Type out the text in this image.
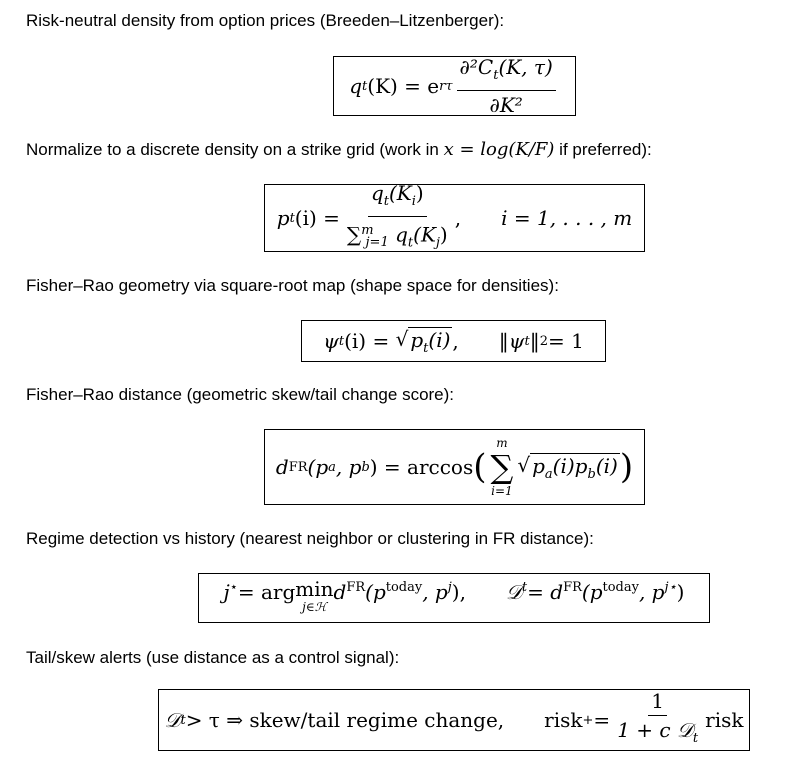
Risk-neutral density from option prices (Breeden–Litzenberger):
q t (K) = e rτ $\frac{\partial^2C_t(K, \tau)}{\text{∂K²}}$
Normalize to a discrete density on a strike grid (work in x = log(K/F) if preferred):
p t $(i) = \frac{q_t(K_i)}{\sum^m_{j=1} q_t(K_j)}$ , i = 1, . . . , m
Fisher–Rao geometry via square-root map (shape space for densities):
ψ t (i) =
√ $p_t(i)$ , ‖ψ t ‖ 2 = 1
Fisher–Rao distance (geometric skew/tail change score):
d FR (p a , p b ) = arccos (
m
∑
i=1
√ $p_a(i)p_b(i)$ )
Regime detection vs history (nearest neighbor or clustering in FR distance):
j⋆ = arg min
j∈ℋ
$d^{FR}$ ($p^{today}$ , $p^j$ ), 𝒟$^t$ = $d^{FR}$ ($p^{today}$ , $p^{j⋆}$ )
Tail/skew alerts (use distance as a control signal):
𝒟 t > τ ⇒ skew/tail regime change, risk + = $\frac{1}{1 + c 𝒟_t}$ risk
